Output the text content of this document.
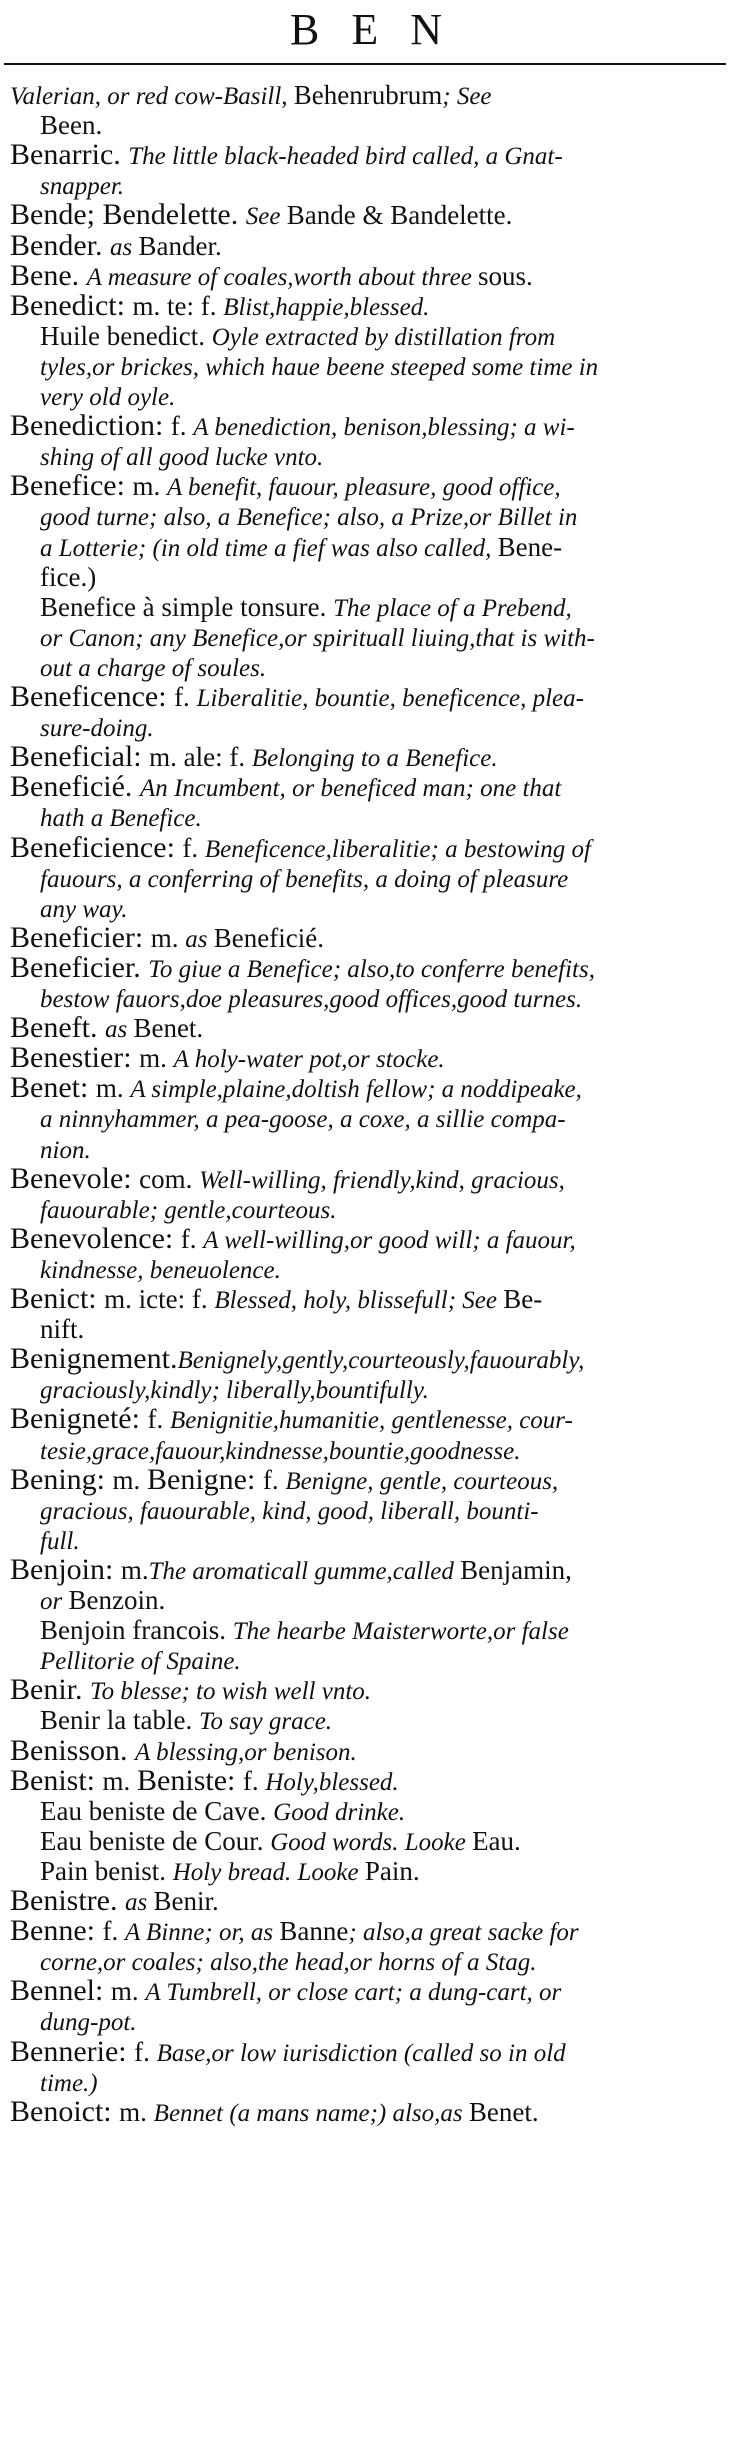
BEN
Valerian, or red cow-Basill, Behenrubrum; See
Been.
Benarric. The little black-headed bird called, a Gnat-
snapper.
Bende; Bendelette. See Bande & Bandelette.
Bender. as Bander.
Bene. A measure of coales,worth about three sous.
Benedict: m. te: f. Blist,happie,blessed.
Huile benedict. Oyle extracted by distillation from
tyles,or brickes, which haue beene steeped some time in
very old oyle.
Benediction: f. A benediction, benison,blessing; a wi-
shing of all good lucke vnto.
Benefice: m. A benefit, fauour, pleasure, good office,
good turne; also, a Benefice; also, a Prize,or Billet in
a Lotterie; (in old time a fief was also called, Bene-
fice.)
Benefice à simple tonsure. The place of a Prebend,
or Canon; any Benefice,or spirituall liuing,that is with-
out a charge of soules.
Beneficence: f. Liberalitie, bountie, beneficence, plea-
sure-doing.
Beneficial: m. ale: f. Belonging to a Benefice.
Beneficié. An Incumbent, or beneficed man; one that
hath a Benefice.
Beneficience: f. Beneficence,liberalitie; a bestowing of
fauours, a conferring of benefits, a doing of pleasure
any way.
Beneficier: m. as Beneficié.
Beneficier. To giue a Benefice; also,to conferre benefits,
bestow fauors,doe pleasures,good offices,good turnes.
Beneft. as Benet.
Benestier: m. A holy-water pot,or stocke.
Benet: m. A simple,plaine,doltish fellow; a noddipeake,
a ninnyhammer, a pea-goose, a coxe, a sillie compa-
nion.
Benevole: com. Well-willing, friendly,kind, gracious,
fauourable; gentle,courteous.
Benevolence: f. A well-willing,or good will; a fauour,
kindnesse, beneuolence.
Benict: m. icte: f. Blessed, holy, blissefull; See Be-
nift.
Benignement.Benignely,gently,courteously,fauourably,
graciously,kindly; liberally,bountifully.
Benigneté: f. Benignitie,humanitie, gentlenesse, cour-
tesie,grace,fauour,kindnesse,bountie,goodnesse.
Bening: m. Benigne: f. Benigne, gentle, courteous,
gracious, fauourable, kind, good, liberall, bounti-
full.
Benjoin: m.The aromaticall gumme,called Benjamin,
or Benzoin.
Benjoin francois. The hearbe Maisterworte,or false
Pellitorie of Spaine.
Benir. To blesse; to wish well vnto.
Benir la table. To say grace.
Benisson. A blessing,or benison.
Benist: m. Beniste: f. Holy,blessed.
Eau beniste de Cave. Good drinke.
Eau beniste de Cour. Good words. Looke Eau.
Pain benist. Holy bread. Looke Pain.
Benistre. as Benir.
Benne: f. A Binne; or, as Banne; also,a great sacke for
corne,or coales; also,the head,or horns of a Stag.
Bennel: m. A Tumbrell, or close cart; a dung-cart, or
dung-pot.
Bennerie: f. Base,or low iurisdiction (called so in old
time.)
Benoict: m. Bennet (a mans name;) also,as Benet.
